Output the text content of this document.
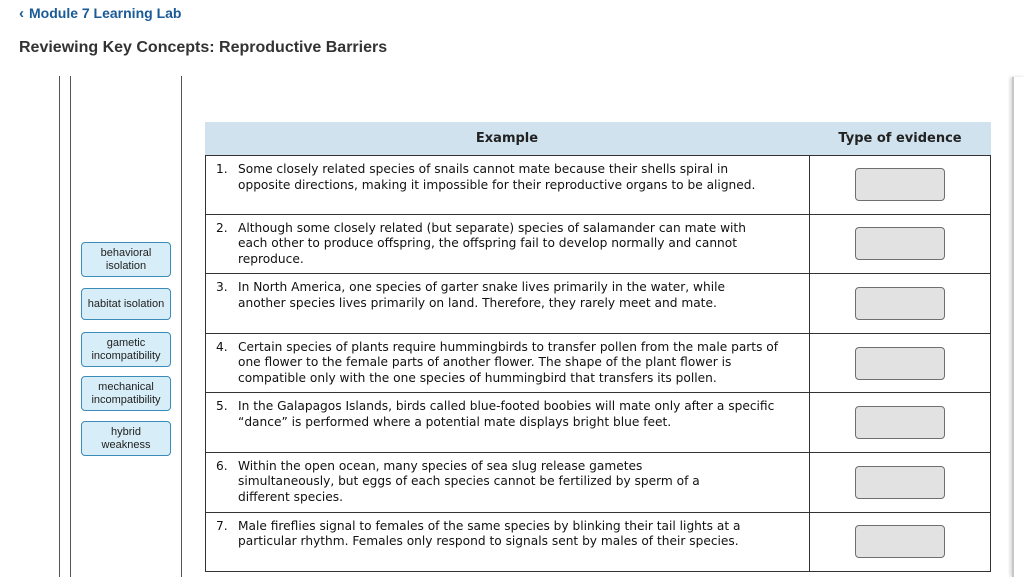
‹ Module 7 Learning Lab
Reviewing Key Concepts: Reproductive Barriers
behavioral isolation
habitat isolation
gametic incompatibility
mechanical incompatibility
hybrid weakness
Example	Type of evidence
1. Some closely related species of snails cannot mate because their shells spiral in opposite directions, making it impossible for their reproductive organs to be aligned.
2. Although some closely related (but separate) species of salamander can mate with each other to produce offspring, the offspring fail to develop normally and cannot reproduce.
3. In North America, one species of garter snake lives primarily in the water, while another species lives primarily on land. Therefore, they rarely meet and mate.
4. Certain species of plants require hummingbirds to transfer pollen from the male parts of one flower to the female parts of another flower. The shape of the plant flower is compatible only with the one species of hummingbird that transfers its pollen.
5. In the Galapagos Islands, birds called blue-footed boobies will mate only after a specific “dance” is performed where a potential mate displays bright blue feet.
6. Within the open ocean, many species of sea slug release gametes simultaneously, but eggs of each species cannot be fertilized by sperm of a different species.
7. Male fireflies signal to females of the same species by blinking their tail lights at a particular rhythm. Females only respond to signals sent by males of their species.
